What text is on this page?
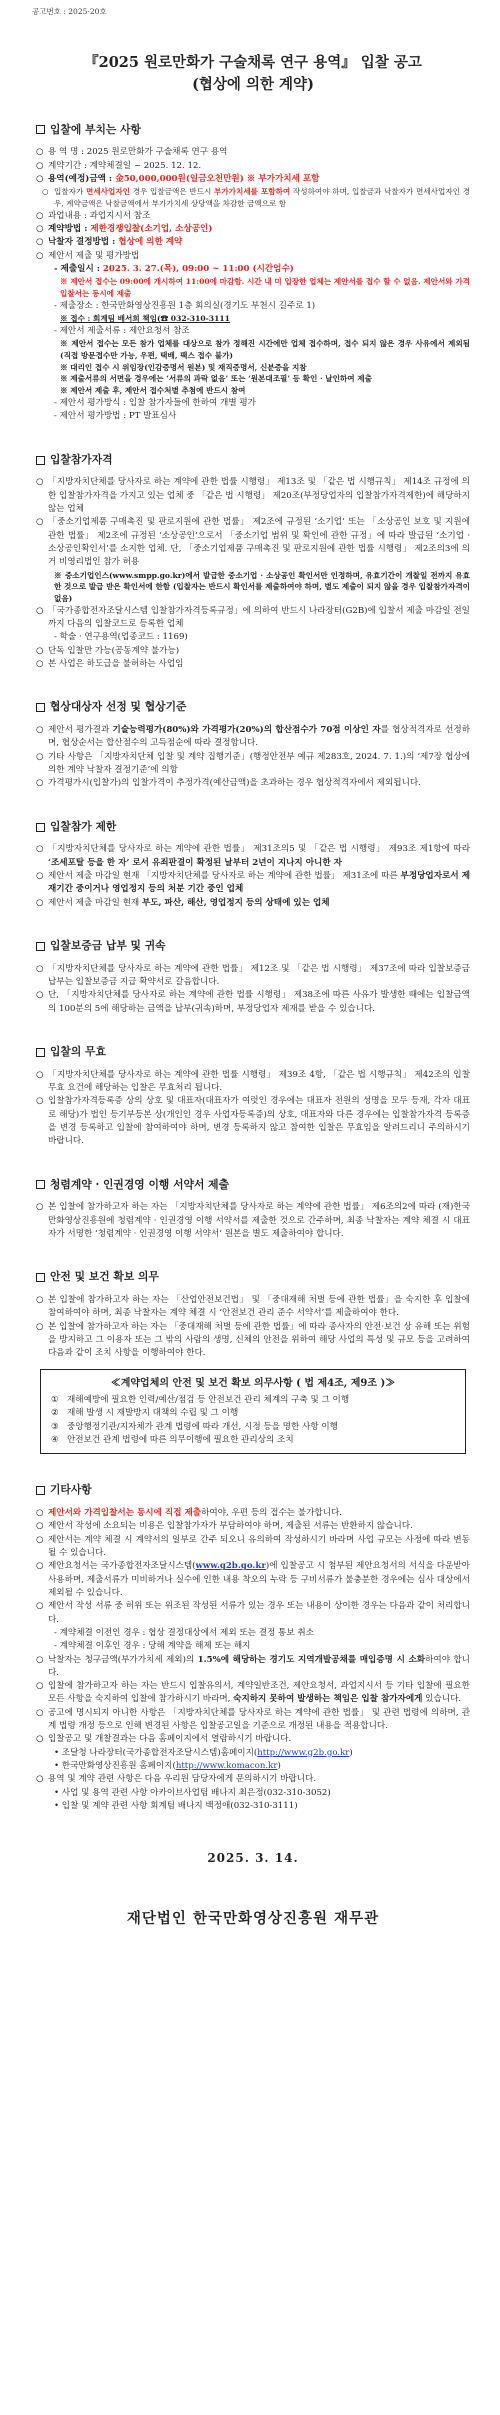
공고번호 : 2025-20호
『2025 원로만화가 구술채록 연구 용역』 입찰 공고
(협상에 의한 계약)
입찰에 부치는 사항

○ 용 역 명 : 2025 원로만화가 구술채록 연구 용역

○ 계약기간 : 계약체결일 ~ 2025. 12. 12.

○ 용역(예정)금액 : 金50,000,000원(일금오천만원) ※ 부가가치세 포함

○ 입찰자가 면세사업자인 경우 입찰금액은 반드시 부가가치세를 포함하여 작성하여야 하며, 입찰금과 낙찰자가 면세사업자인 경우, 계약금액은 낙찰금액에서 부가가치세 상당액을 차감한 금액으로 함

○ 과업내용 : 과업지시서 참조

○ 계약방법 : 제한경쟁입찰(소기업, 소상공인)

○ 낙찰자 결정방법 : 협상에 의한 계약

○ 제안서 제출 및 평가방법

- 제출일시 : 2025. 3. 27.(목), 09:00 ~ 11:00 (시간엄수)

※ 제안서 접수는 09:00에 개시하여 11:00에 마감함. 시간 내 미 입장한 업체는 제안서를 접수 할 수 없음. 제안서와 가격입찰서는 동시에 제출

- 제출장소 : 한국만화영상진흥원 1층 회의실(경기도 부천시 길주로 1)

※ 접수 : 회계팀 배서희 책임(☎ 032-310-3111

- 제안서 제출서류 : 제안요청서 참조

※ 제안서 접수는 모든 참가 업체를 대상으로 참가 정해진 시간에만 업체 접수하며, 접수 되지 않은 경우 사유에서 제외됨 (직접 방문접수만 가능, 우편, 택배, 팩스 접수 불가)

※ 대리인 접수 시 위임장(인감증명서 원본) 및 재직증명서, 신분증을 지참

※ 제출서류의 서면을 경우에는 ‘서류의 과락 없음’ 또는 ‘원본대조필’ 등 확인 · 날인하여 제출

※ 제안서 제출 후, 제안서 접수처별 추첨에 반드시 참여

- 제안서 평가방식 : 입찰 참가자들에 한하여 개별 평가

- 제안서 평가방법 : PT 발표심사

입찰참가자격

○ 「지방자치단체를 당사자로 하는 계약에 관한 법률 시행령」 제13조 및 「같은 법 시행규칙」 제14조 규정에 의한 입찰참가자격을 가지고 있는 업체 중 「같은 법 시행령」 제20조(부정당업자의 입찰참가자격제한)에 해당하지 않는 업체

○ 「중소기업제품 구매촉진 및 판로지원에 관한 법률」 제2조에 규정된 ‘소기업’ 또는 「소상공인 보호 및 지원에 관한 법률」 제2조에 규정된 ‘소상공인’으로서 「중소기업 범위 및 확인에 관한 규정」에 따라 발급된 ‘소기업 · 소상공인확인서’를 소지한 업체. 단, 「중소기업제품 구매촉진 및 판로지원에 관한 법률 시행령」 제2조의3에 의거 비영리법인 참가 허용

※ 중소기업인스(www.smpp.go.kr)에서 발급한 중소기업 · 소상공인 확인서만 인정하며, 유효기간이 개찰일 전까지 유효한 것으로 발급 받은 확인서에 한함 (입찰자는 반드시 확인서를 제출하여야 하며, 별도 제출이 되지 않을 경우 입찰참가자격이 없음)

○ 「국가종합전자조달시스템 입찰참가자격등록규정」에 의하여 반드시 나라장터(G2B)에 입찰서 제출 마감일 전일까지 다음의 입찰코드로 등록한 업체

- 학술 · 연구용역(업종코드 : 1169)

○ 단독 입찰만 가능(공동계약 불가능)

○ 본 사업은 하도급을 불허하는 사업임

협상대상자 선정 및 협상기준

○ 제안서 평가결과 기술능력평가(80%)와 가격평가(20%)의 합산점수가 70점 이상인 자를 협상적격자로 선정하며, 협상순서는 합산점수의 고득점순에 따라 결정함니다.

○ 기타 사항은 「지방자치단체 입찰 및 계약 집행기준」(행정안전부 예규 제283호, 2024. 7. 1.)의 ‘제7장 협상에 의한 계약 낙찰자 결정기준’에 의함

○ 가격평가시(입찰가)의 입찰가격이 추정가격(예산금액)을 초과하는 경우 협상적격자에서 제외됩니다.

입찰참가 제한

○ 「지방자치단체를 당사자로 하는 계약에 관한 법률」 제31조의5 및 「같은 법 시행령」 제93조 제1항에 따라 ‘조세포탈 등을 한 자’ 로서 유죄판결이 확정된 날부터 2년이 지나지 아니한 자

○ 제안서 제출 마감일 현재 「지방자치단체를 당사자로 하는 계약에 관한 법률」 제31조에 따른 부정당업자로서 제재기간 중이거나 영업정지 등의 처분 기간 중인 업체

○ 제안서 제출 마감일 현재 부도, 파산, 해산, 영업정지 등의 상태에 있는 업체

입찰보증금 납부 및 귀속

○ 「지방자치단체를 당사자로 하는 계약에 관한 법률」 제12조 및 「같은 법 시행령」 제37조에 따라 입찰보증금 납부는 입찰보증금 지급 확약서로 갈음합니다.

○ 단, 「지방자치단체를 당사자로 하는 계약에 관한 법률 시행령」 제38조에 따른 사유가 발생한 때에는 입찰금액의 100분의 5에 해당하는 금액을 납부(귀속)하며, 부정당업자 제재를 받을 수 있습니다.

입찰의 무효

○ 「지방자치단체를 당사자로 하는 계약에 관한 법률 시행령」 제39조 4항, 「같은 법 시행규칙」 제42조의 입찰무효 요건에 해당하는 입찰은 무효처리 됩니다.

○ 입찰참가자격등록증 상의 상호 및 대표자(대표자가 여럿인 경우에는 대표자 전원의 성명을 모두 등재, 각자 대표로 해당)가 법인 등기부등본 상(개인인 경우 사업자등록증)의 상호, 대표자와 다른 경우에는 입찰참가자격 등록증을 변경 등록하고 입찰에 참여하여야 하며, 변경 등록하지 않고 참여한 입찰은 무효임을 알려드리니 주의하시기 바랍니다.

청렴계약 · 인권경영 이행 서약서 제출

○ 본 입찰에 참가하고자 하는 자는 「지방자치단체를 당사자로 하는 계약에 관한 법률」 제6조의2에 따라 (재)한국만화영상진흥원에 청렴계약 · 인권경영 이행 서약서를 제출한 것으로 간주하며, 최종 낙찰자는 계약 체결 시 대표자가 서명한 ‘청렴계약 · 인권경영 이행 서약서’ 원본을 별도 제출하여야 합니다.

안전 및 보건 확보 의무

○ 본 입찰에 참가하고자 하는 자는 「산업안전보건법」 및 「중대재해 처벌 등에 관한 법률」을 숙지한 후 입찰에 참여하여야 하며, 최종 낙찰자는 계약 체결 시 ‘안전보건 관리 준수 서약서’를 제출하여야 한다.

○ 본 입찰에 참가하고자 하는 자는 「중대재해 처벌 등에 관한 법률」에 따라 종사자의 안전·보건 상 유해 또는 위험을 방지하고 그 이용자 또는 그 밖의 사람의 생명, 신체의 안전을 위하여 해당 사업의 특성 및 규모 등을 고려하여 다음과 같이 조치 사항을 이행하여야 한다.

≪계약업체의 안전 및 보건 확보 의무사항 ( 법 제4조, 제9조 )≫

① 재해예방에 필요한 인력/예산/점검 등 안전보건 관리 체계의 구축 및 그 이행

② 재해 발생 시 재발방지 대책의 수립 및 그 이행

③ 중앙행정기관/지자체가 관계 법령에 따라 개선, 시정 등을 명한 사항 이행

④ 안전보건 관계 법령에 따른 의무이행에 필요한 관리상의 조치

기타사항

○ 제안서와 가격입찰서는 동시에 직접 제출하여야, 우편 등의 접수는 불가합니다.

○ 제안서 작성에 소요되는 비용은 입찰참가자가 부담하여야 하며, 제출된 서류는 반환하지 않습니다.

○ 제안서는 계약 체결 시 계약서의 일부로 간주 되오니 유의하여 작성하시기 바라며 사업 규모는 사정에 따라 변동될 수 있습니다.

○ 제안요청서는 국가종합전자조달시스템(www.g2b.go.kr)에 입찰공고 시 첨부된 제안요청서의 서식을 다운받아 사용하며, 제출서류가 미비하거나 실수에 인한 내용 착오의 누락 등 구비서류가 불충분한 경우에는 심사 대상에서 제외될 수 있습니다.

○ 제안서 작성 서류 중 허위 또는 위조된 작성된 서류가 있는 경우 또는 내용이 상이한 경우는 다음과 같이 처리합니다.

- 계약체결 이전인 경우 : 협상 결정대상에서 제외 또는 결정 통보 취소

- 계약체결 이후인 경우 : 당해 계약을 해제 또는 해지

○ 낙찰자는 청구금액(부가가치세 제외)의 1.5%에 해당하는 경기도 지역개발공채를 매입증명 시 소화하여야 합니다.

○ 입찰에 참가하고자 하는 자는 반드시 입찰유의서, 계약일반조건, 제안요청서, 과업지시서 등 기타 입찰에 필요한 모든 사항을 숙지하여 입찰에 참가하시기 바라며, 숙지하지 못하여 발생하는 책임은 입찰 참가자에게 있습니다.

○ 공고에 명시되지 아니한 사항은 「지방자치단체를 당사자로 하는 계약에 관한 법률」 및 관련 법령에 의하며, 관계 법령 개정 등으로 인해 변경된 사항은 입찰공고일을 기준으로 개정된 내용을 적용합니다.

○ 입찰공고 및 개찰결과는 다음 홈페이지에서 열람하시기 바랍니다.

• 조달청 나라장터(국가종합전자조달시스템)홈페이지(http://www.g2b.go.kr)

• 한국만화영상진흥원 홈페이지(http://www.komacon.kr)

○ 용역 및 계약 관련 사항은 다음 우리원 담당자에게 문의하시기 바랍니다.

• 사업 및 용역 관련 사항 아카이브사업팀 배나지 최은정(032-310-3052)

• 입찰 및 계약 관련 사항 회계팀 배나지 백정애(032-310-3111)

2025. 3. 14.
재단법인 한국만화영상진흥원 재무관
